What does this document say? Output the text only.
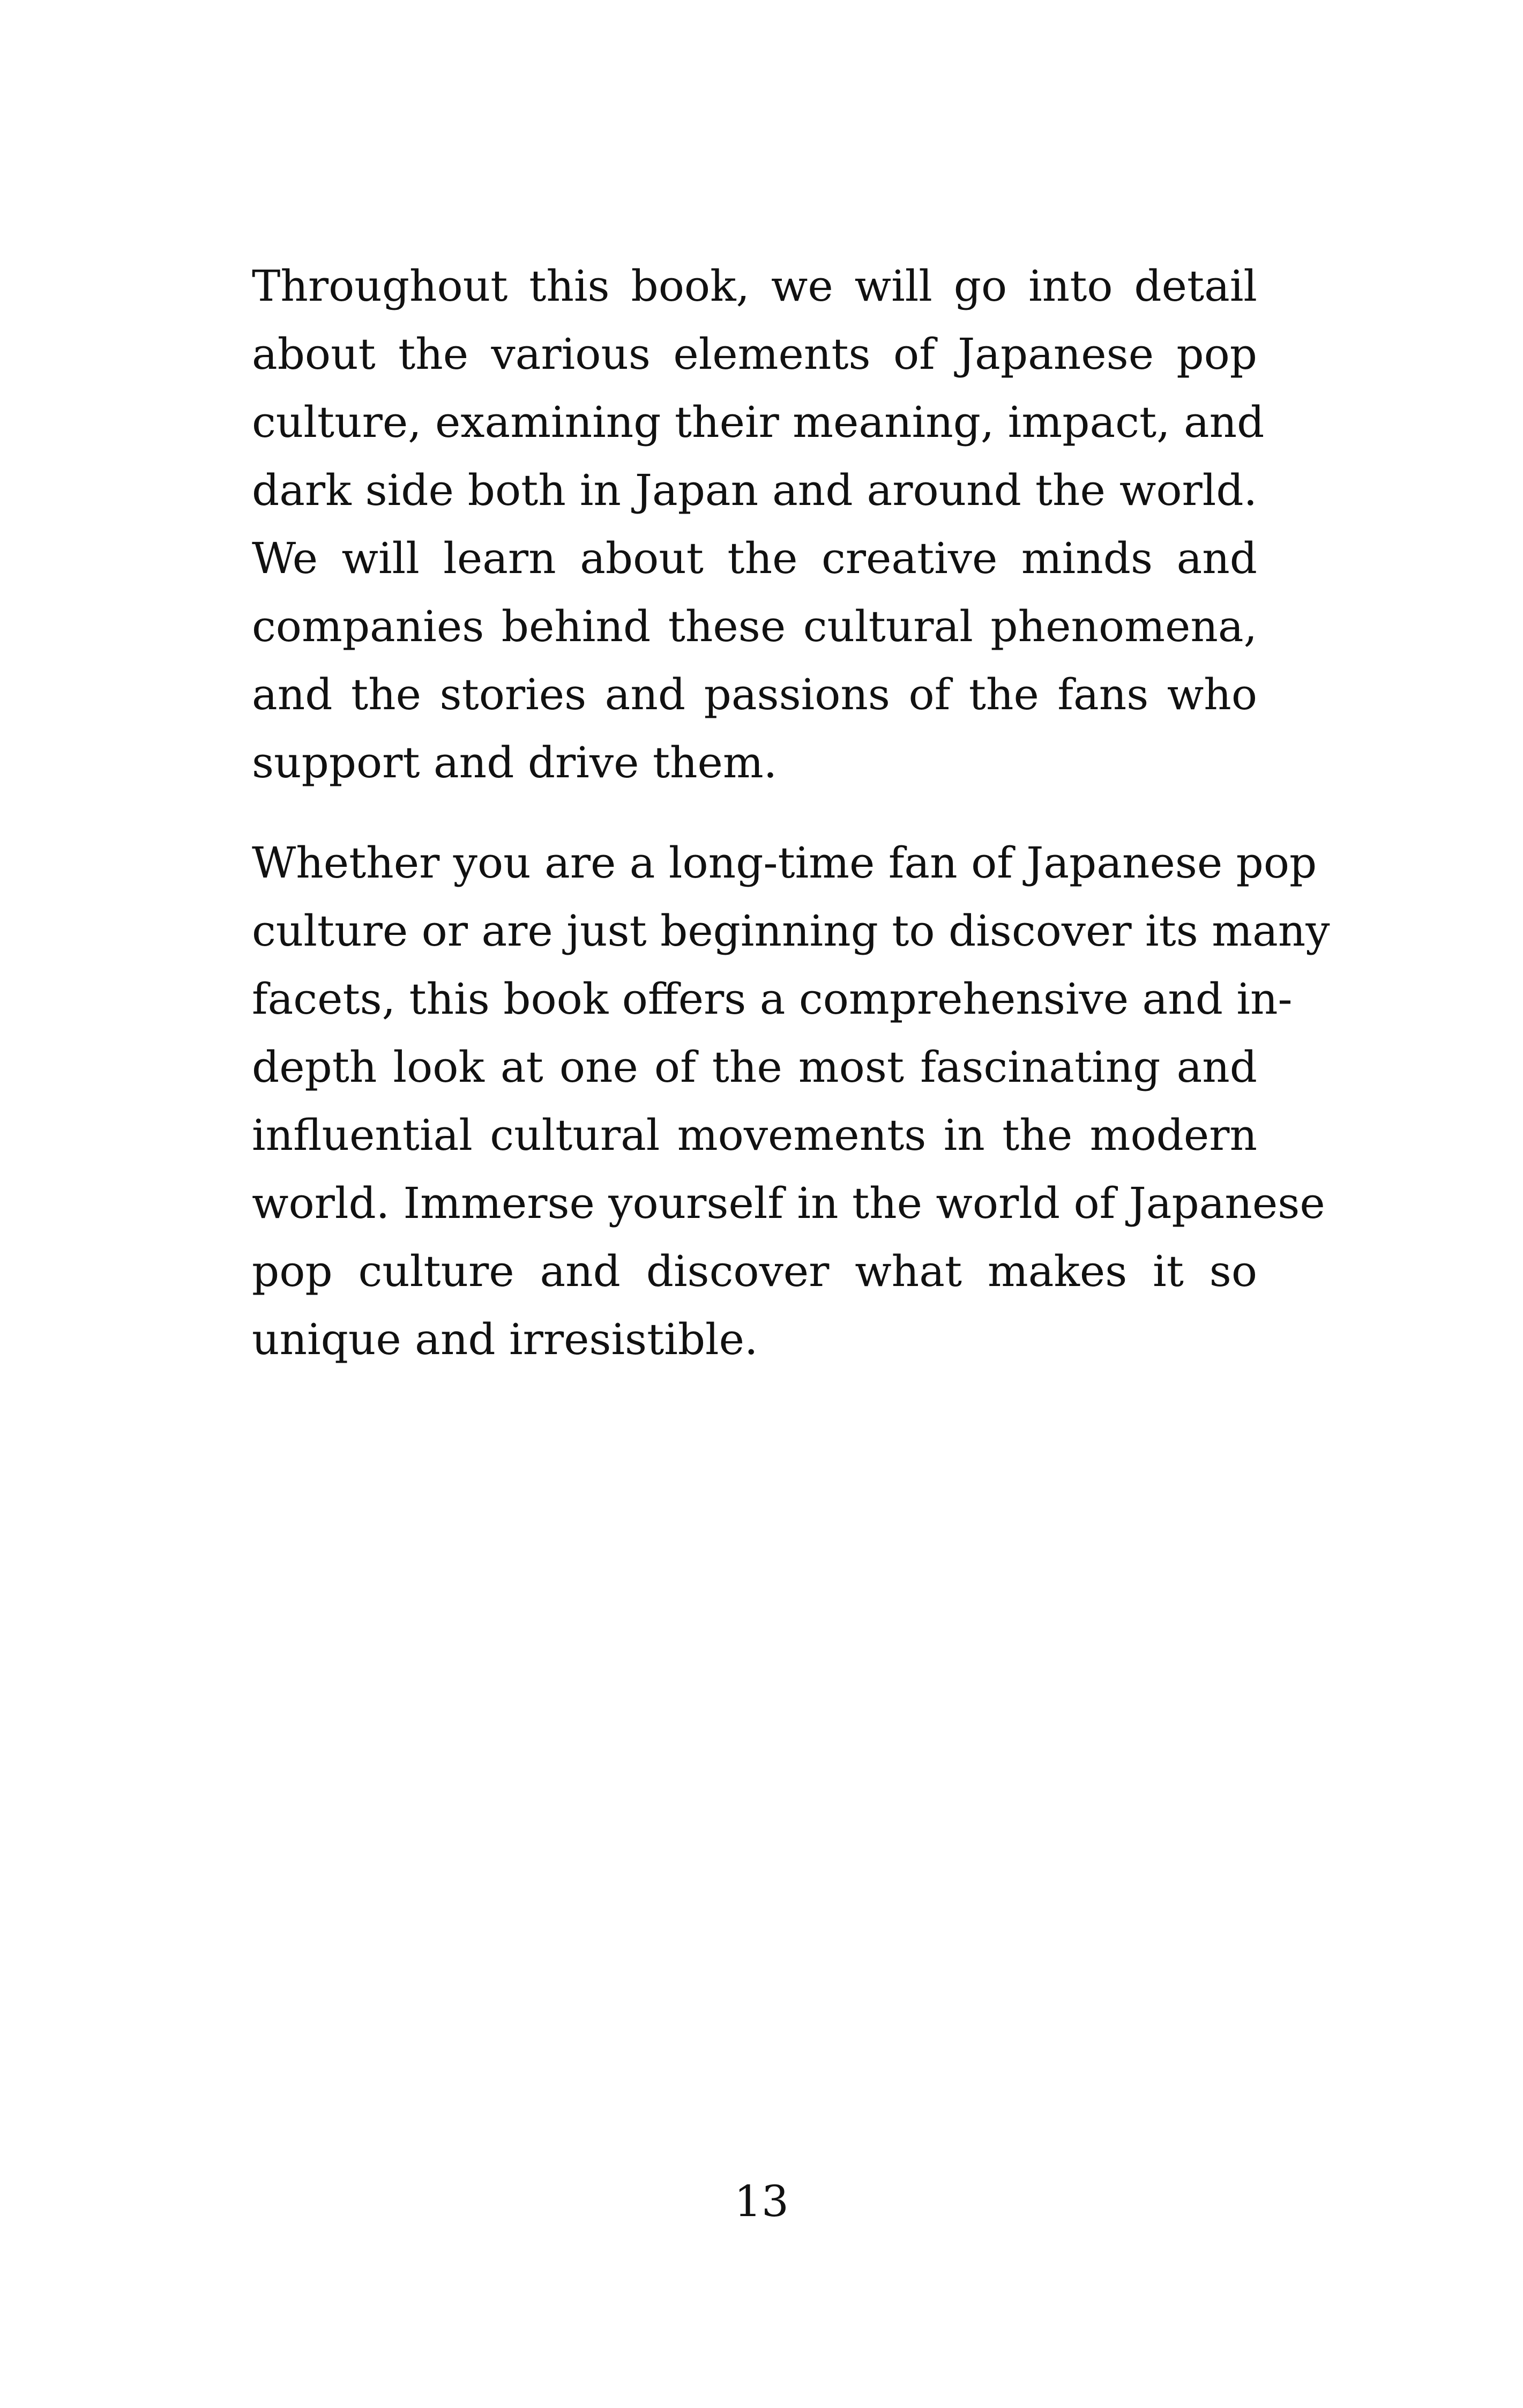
Throughout this book, we will go into detail
about the various elements of Japanese pop
culture, examining their meaning, impact, and
dark side both in Japan and around the world.
We will learn about the creative minds and
companies behind these cultural phenomena,
and the stories and passions of the fans who
support and drive them.

Whether you are a long-time fan of Japanese pop
culture or are just beginning to discover its many
facets, this book offers a comprehensive and in-
depth look at one of the most fascinating and
influential cultural movements in the modern
world. Immerse yourself in the world of Japanese
pop culture and discover what makes it so
unique and irresistible.

13
